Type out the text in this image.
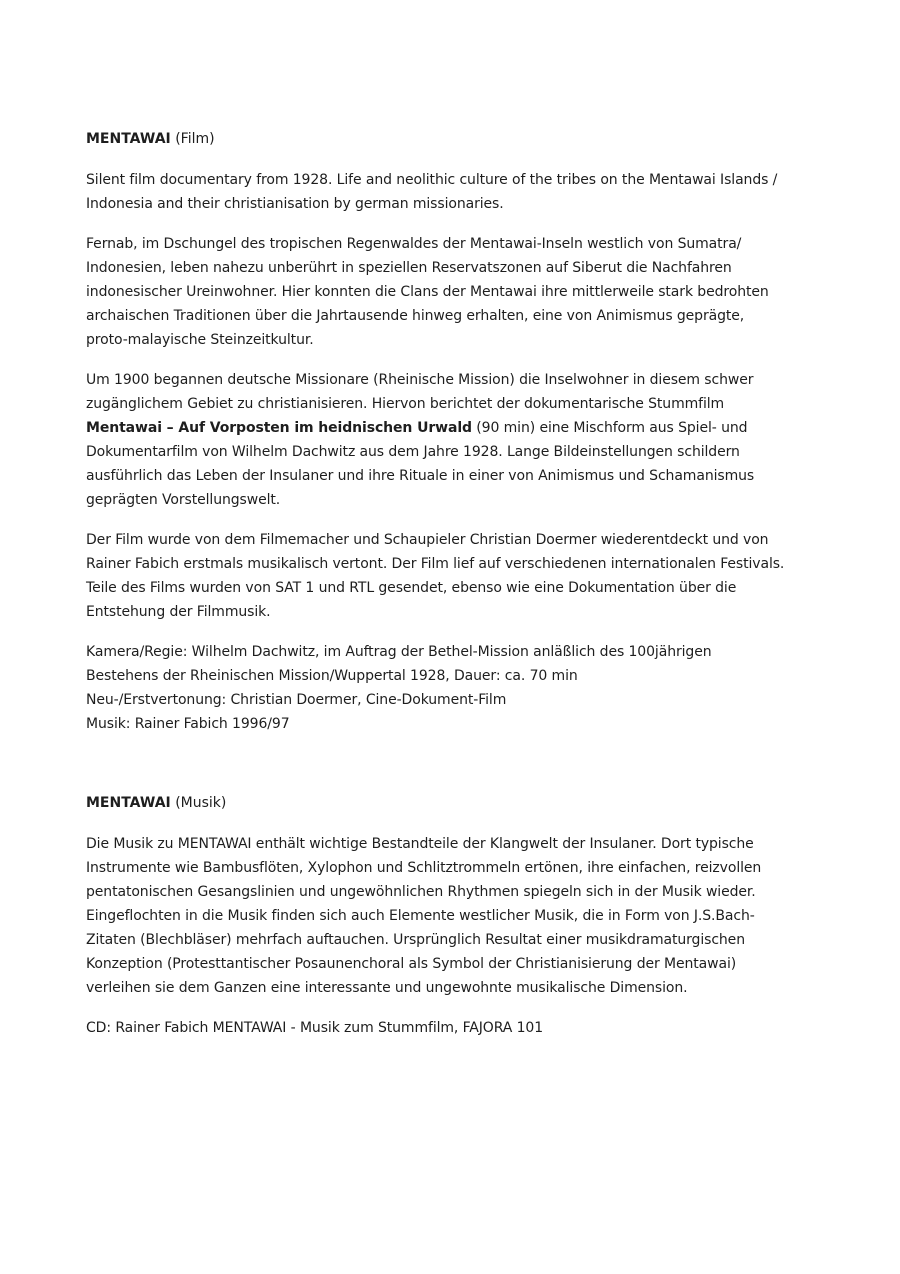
MENTAWAI (Film)

Silent film documentary from 1928. Life and neolithic culture of the tribes on the Mentawai Islands /
Indonesia and their christianisation by german missionaries.

Fernab, im Dschungel des tropischen Regenwaldes der Mentawai-Inseln westlich von Sumatra/
Indonesien, leben nahezu unberührt in speziellen Reservatszonen auf Siberut die Nachfahren
indonesischer Ureinwohner. Hier konnten die Clans der Mentawai ihre mittlerweile stark bedrohten
archaischen Traditionen über die Jahrtausende hinweg erhalten, eine von Animismus geprägte,
proto-malayische Steinzeitkultur.

Um 1900 begannen deutsche Missionare (Rheinische Mission) die Inselwohner in diesem schwer
zugänglichem Gebiet zu christianisieren. Hiervon berichtet der dokumentarische Stummfilm
Mentawai – Auf Vorposten im heidnischen Urwald (90 min) eine Mischform aus Spiel- und
Dokumentarfilm von Wilhelm Dachwitz aus dem Jahre 1928. Lange Bildeinstellungen schildern
ausführlich das Leben der Insulaner und ihre Rituale in einer von Animismus und Schamanismus
geprägten Vorstellungswelt.

Der Film wurde von dem Filmemacher und Schaupieler Christian Doermer wiederentdeckt und von
Rainer Fabich erstmals musikalisch vertont. Der Film lief auf verschiedenen internationalen Festivals.
Teile des Films wurden von SAT 1 und RTL gesendet, ebenso wie eine Dokumentation über die
Entstehung der Filmmusik.

Kamera/Regie: Wilhelm Dachwitz, im Auftrag der Bethel-Mission anläßlich des 100jährigen
Bestehens der Rheinischen Mission/Wuppertal 1928, Dauer: ca. 70 min
Neu-/Erstvertonung: Christian Doermer, Cine-Dokument-Film
Musik: Rainer Fabich 1996/97

MENTAWAI (Musik)

Die Musik zu MENTAWAI enthält wichtige Bestandteile der Klangwelt der Insulaner. Dort typische
Instrumente wie Bambusflöten, Xylophon und Schlitztrommeln ertönen, ihre einfachen, reizvollen
pentatonischen Gesangslinien und ungewöhnlichen Rhythmen spiegeln sich in der Musik wieder.
Eingeflochten in die Musik finden sich auch Elemente westlicher Musik, die in Form von J.S.Bach-
Zitaten (Blechbläser) mehrfach auftauchen. Ursprünglich Resultat einer musikdramaturgischen
Konzeption (Protesttantischer Posaunenchoral als Symbol der Christianisierung der Mentawai)
verleihen sie dem Ganzen eine interessante und ungewohnte musikalische Dimension.

CD: Rainer Fabich MENTAWAI - Musik zum Stummfilm, FAJORA 101
